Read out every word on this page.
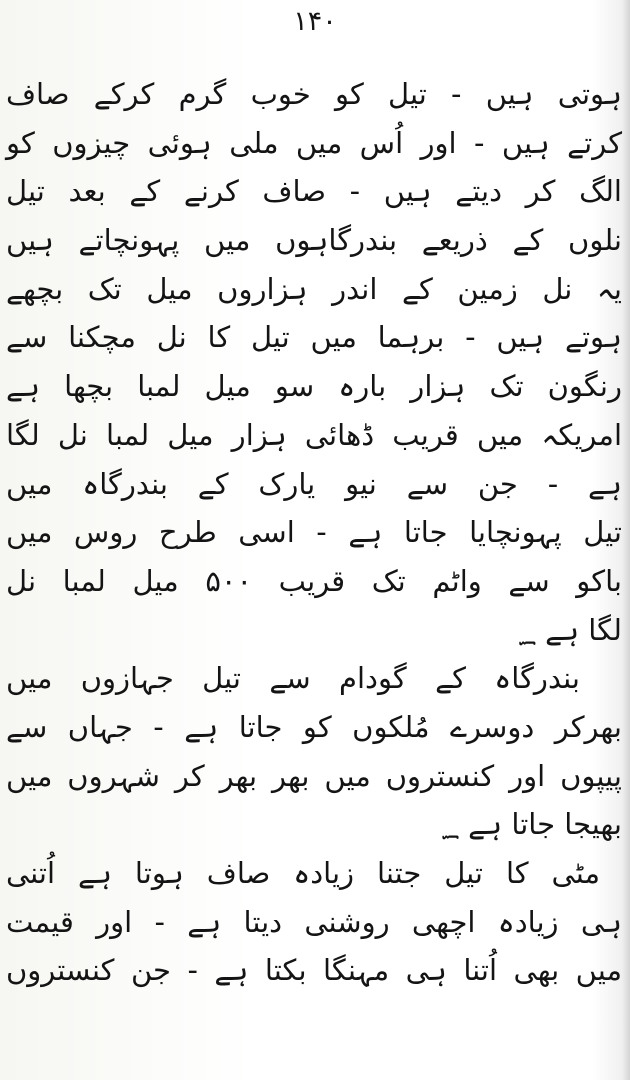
١۴٠
ہوتی ہیں - تیل کو خوب گرم کرکے صاف
کرتے ہیں - اور اُس میں ملی ہوئی چیزوں کو
الگ کر دیتے ہیں - صاف کرنے کے بعد تیل
نلوں کے ذریعے بندرگاہوں میں پہونچاتے ہیں
یہ نل زمین کے اندر ہزاروں میل تک بچھے
ہوتے ہیں - برہما میں تیل کا نل مچکنا سے
رنگون تک ہزار بارہ سو میل لمبا بچھا ہے
امریکہ میں قریب ڈھائی ہزار میل لمبا نل لگا
ہے - جن سے نیو یارک کے بندرگاہ میں
تیل پہونچایا جاتا ہے - اسی طرح روس میں
باکو سے واٹم تک قریب ۵٠٠ میل لمبا نل
لگا ہے ؁
بندرگاہ کے گودام سے تیل جہازوں میں
بھرکر دوسرے مُلکوں کو جاتا ہے - جہاں سے
پیپوں اور کنستروں میں بھر بھر کر شہروں میں
بھیجا جاتا ہے ؁
مٹی کا تیل جتنا زیادہ صاف ہوتا ہے اُتنی
ہی زیادہ اچھی روشنی دیتا ہے - اور قیمت
میں بھی اُتنا ہی مہنگا بکتا ہے - جن کنستروں
